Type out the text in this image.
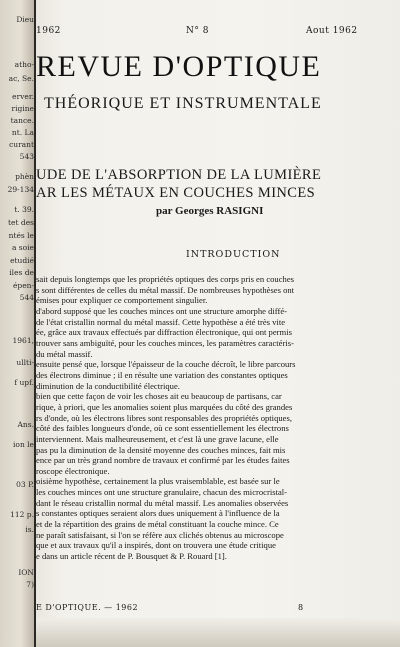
Dieu
atho-
ac, Se.
erver.
rigine
tance.
nt. La
curant
543
phèn
29-134
t. 39.
tet des
ntés le
a soie
etudié
iles de
épen-
544
1961,
ullti-
f upf.
Ans.
ion le
03 P.
112 p.
is.
ION
7)
1962	N° 8	Aout 1962
REVUE D'OPTIQUE
THÉORIQUE ET INSTRUMENTALE
UDE DE L'ABSORPTION DE LA LUMIÈRE
AR LES MÉTAUX EN COUCHES MINCES
par Georges RASIGNI
INTRODUCTION
sait depuis longtemps que les propriétés optiques des corps pris en couches
s sont différentes de celles du métal massif. De nombreuses hypothèses ont
émises pour expliquer ce comportement singulier.
d'abord supposé que les couches minces ont une structure amorphe diffé-
de l'état cristallin normal du métal massif. Cette hypothèse a été très vite
ée, grâce aux travaux effectués par diffraction électronique, qui ont permis
trouver sans ambiguïté, pour les couches minces, les paramètres caractéris-
du métal massif.
ensuite pensé que, lorsque l'épaisseur de la couche décroît, le libre parcours
des électrons diminue ; il en résulte une variation des constantes optiques
diminution de la conductibilité électrique.
bien que cette façon de voir les choses ait eu beaucoup de partisans, car
rique, à priori, que les anomalies soient plus marquées du côté des grandes
rs d'onde, où les électrons libres sont responsables des propriétés optiques,
côté des faibles longueurs d'onde, où ce sont essentiellement les électrons
interviennent. Mais malheureusement, et c'est là une grave lacune, elle
pas pu la diminution de la densité moyenne des couches minces, fait mis
ence par un très grand nombre de travaux et confirmé par les études faites
roscope électronique.
oisième hypothèse, certainement la plus vraisemblable, est basée sur le
les couches minces ont une structure granulaire, chacun des microcristal-
dant le réseau cristallin normal du métal massif. Les anomalies observées
s constantes optiques seraient alors dues uniquement à l'influence de la
et de la répartition des grains de métal constituant la couche mince. Ce
ne paraît satisfaisant, si l'on se réfère aux clichés obtenus au microscope
que et aux travaux qu'il a inspirés, dont on trouvera une étude critique
e dans un article récent de P. Bousquet & P. Rouard [1].
E D'OPTIQUE. — 1962	8
